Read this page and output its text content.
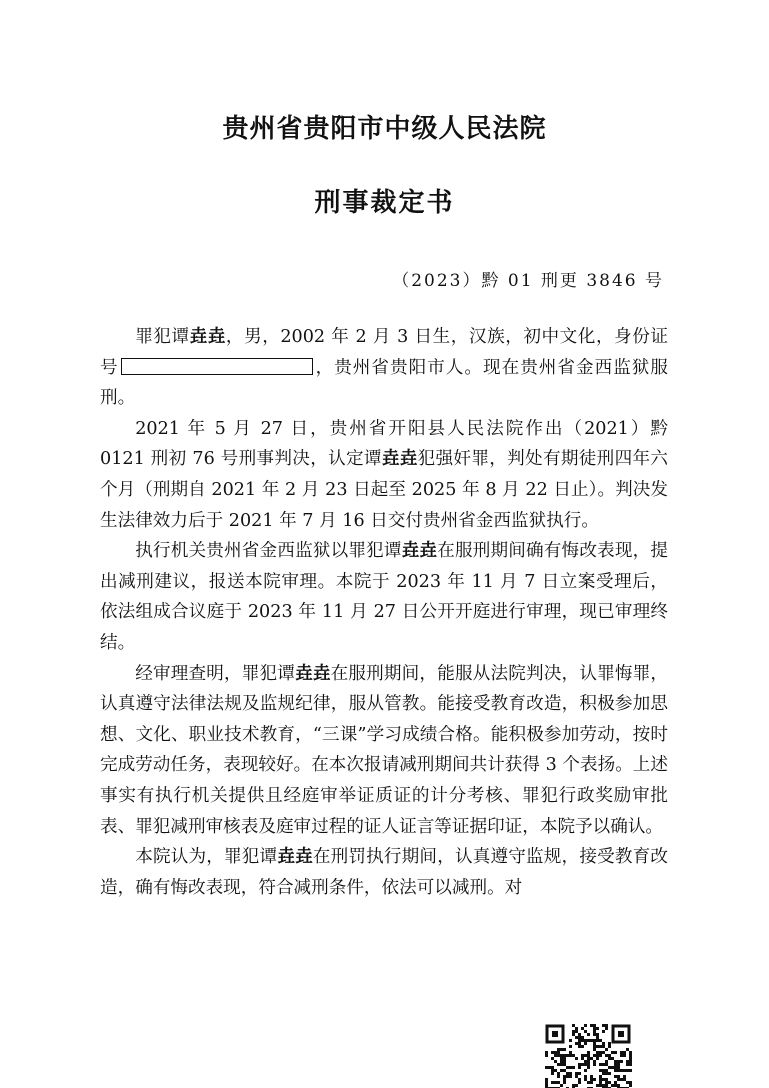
贵州省贵阳市中级人民法院
刑事裁定书
（2023）黔 01 刑更 3846 号

罪犯谭垚垚，男，2002 年 2 月 3 日生，汉族，初中文化，身份证号	，贵州省贵阳市人。现在贵州省金西监狱服刑。

2021 年 5 月 27 日，贵州省开阳县人民法院作出（2021）黔 0121 刑初 76 号刑事判决，认定谭垚垚犯强奸罪，判处有期徒刑四年六个月（刑期自 2021 年 2 月 23 日起至 2025 年 8 月 22 日止）。判决发生法律效力后于 2021 年 7 月 16 日交付贵州省金西监狱执行。

执行机关贵州省金西监狱以罪犯谭垚垚在服刑期间确有悔改表现，提出减刑建议，报送本院审理。本院于 2023 年 11 月 7 日立案受理后，依法组成合议庭于 2023 年 11 月 27 日公开开庭进行审理，现已审理终结。

经审理查明，罪犯谭垚垚在服刑期间，能服从法院判决，认罪悔罪，认真遵守法律法规及监规纪律，服从管教。能接受教育改造，积极参加思想、文化、职业技术教育，“三课”学习成绩合格。能积极参加劳动，按时完成劳动任务，表现较好。在本次报请减刑期间共计获得 3 个表扬。上述事实有执行机关提供且经庭审举证质证的计分考核、罪犯行政奖励审批表、罪犯减刑审核表及庭审过程的证人证言等证据印证，本院予以确认。

本院认为，罪犯谭垚垚在刑罚执行期间，认真遵守监规，接受教育改造，确有悔改表现，符合减刑条件，依法可以减刑。对
